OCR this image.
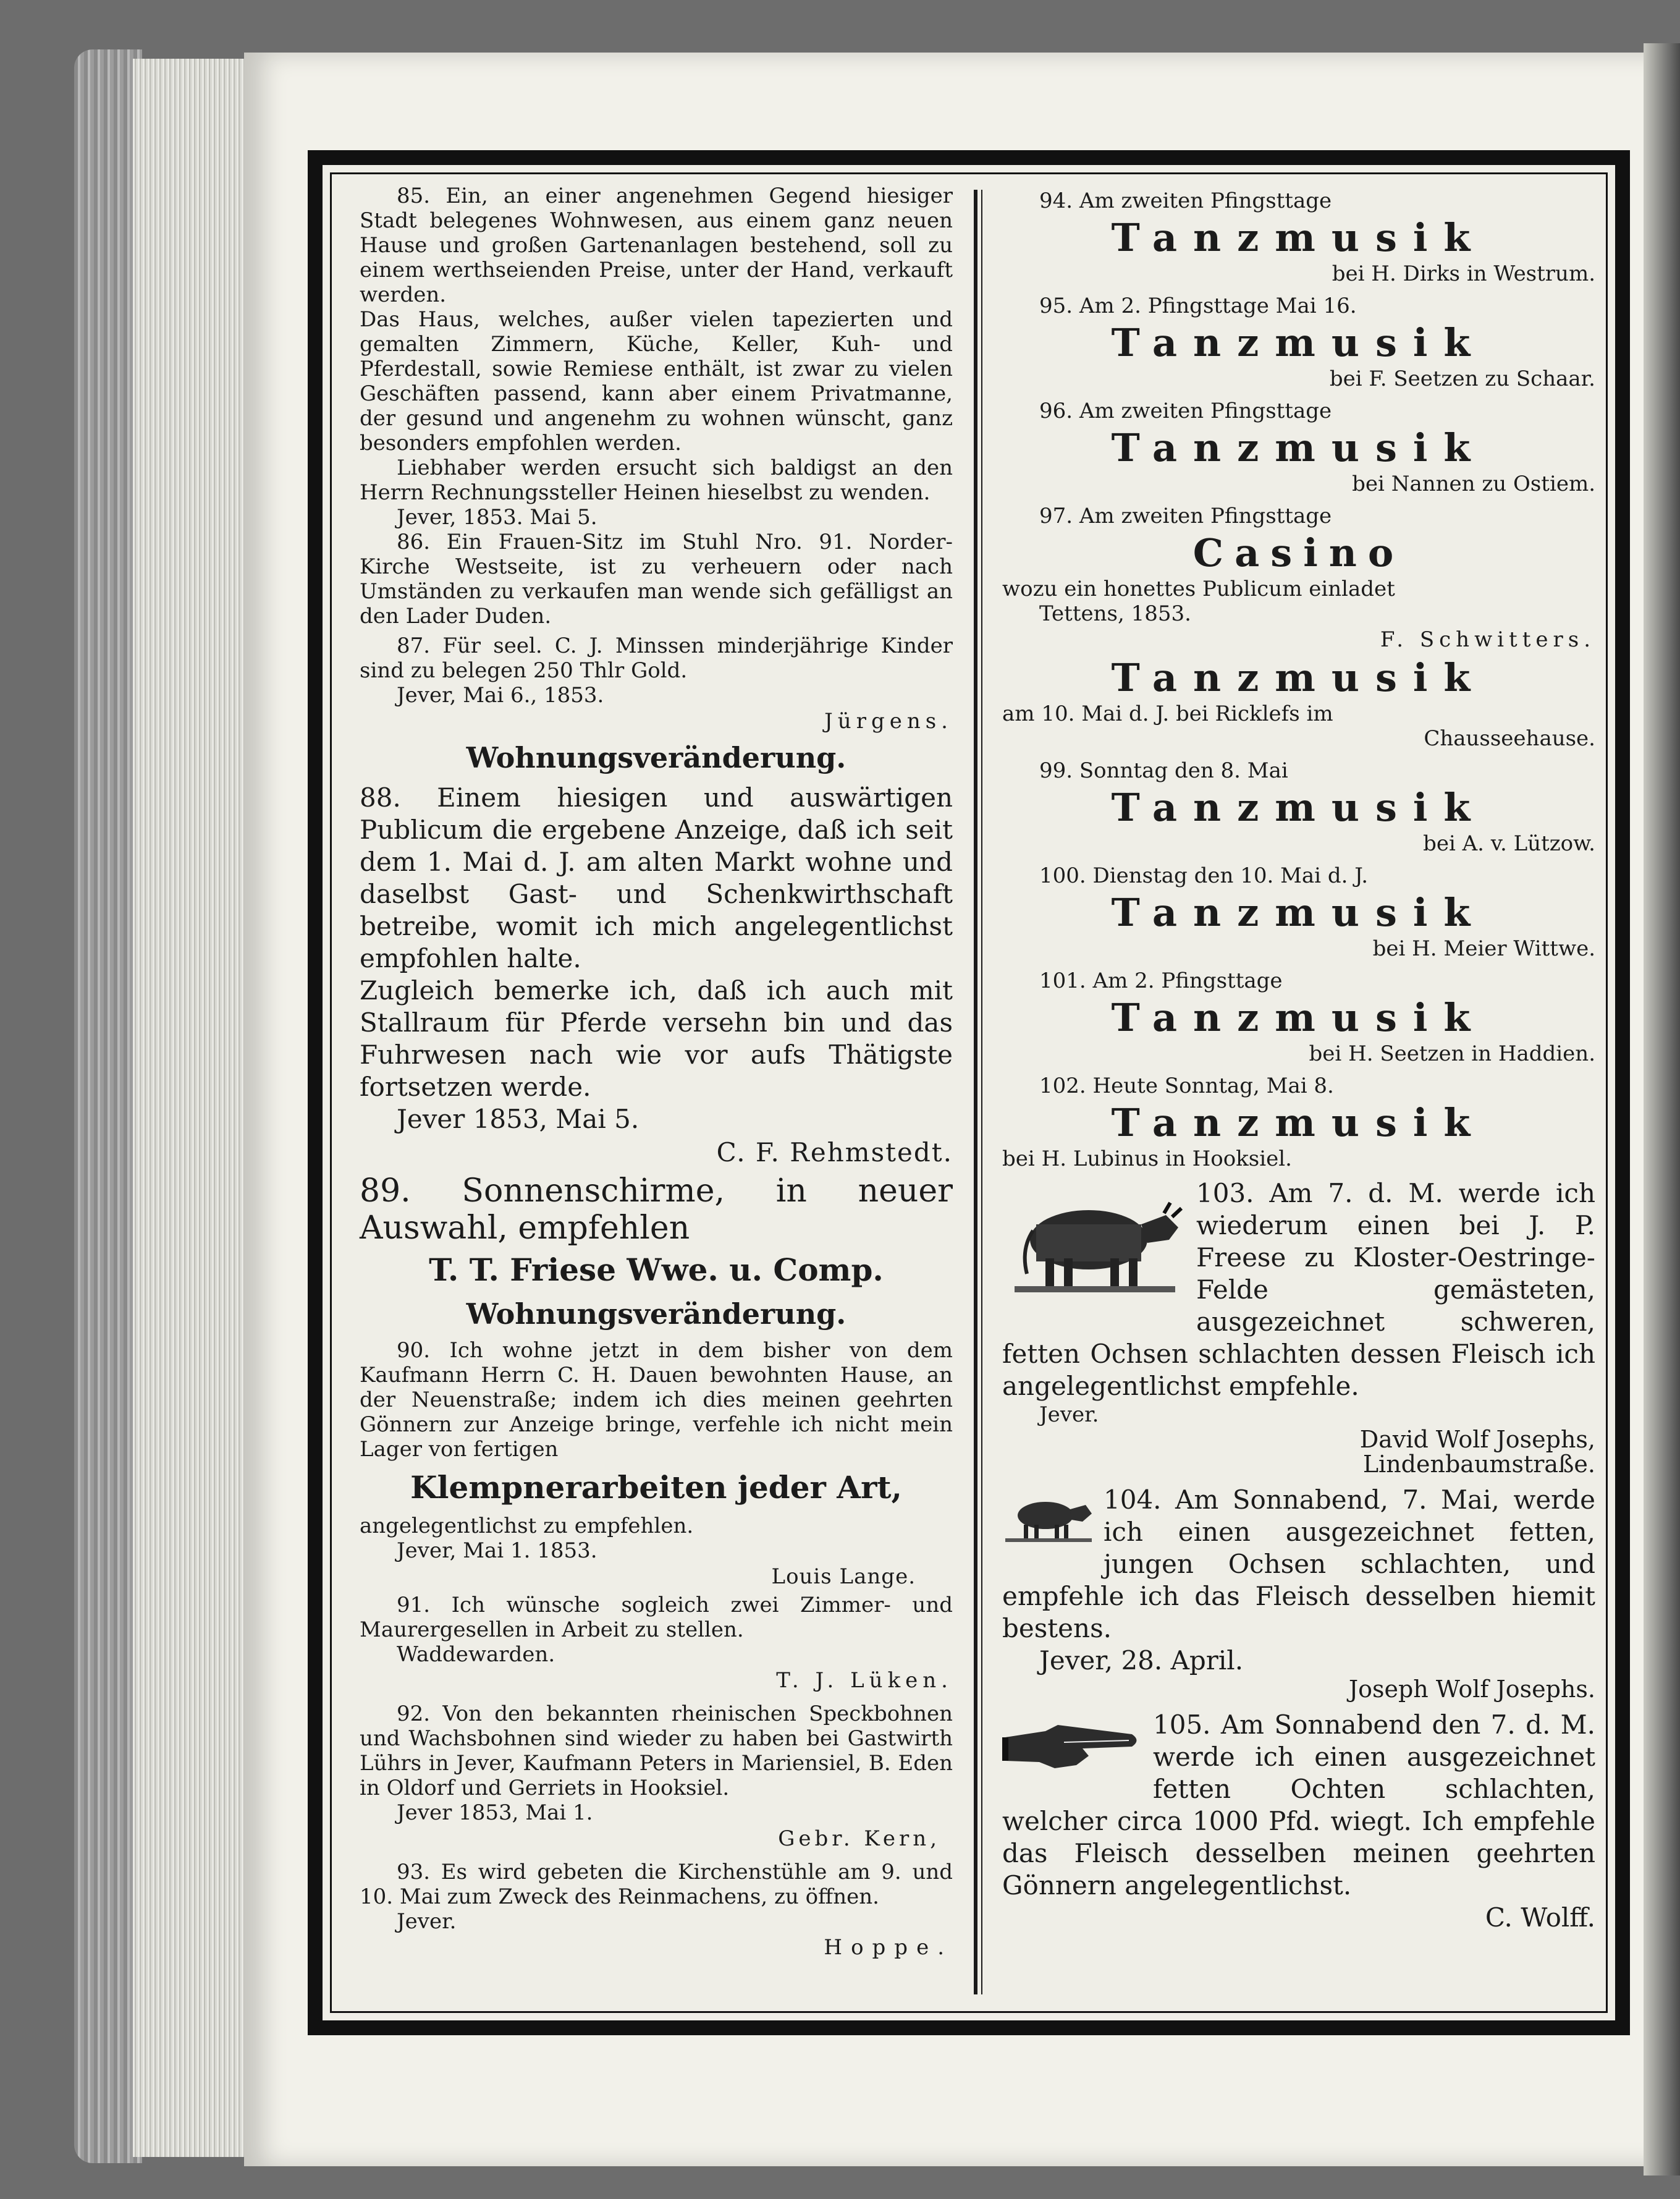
85. Ein, an einer angenehmen Gegend hiesiger Stadt belegenes Wohnwesen, aus einem ganz neuen Hause und großen Gartenanlagen bestehend, soll zu einem werthseienden Preise, unter der Hand, verkauft werden.

Das Haus, welches, außer vielen tapezierten und gemalten Zimmern, Küche, Keller, Kuh- und Pferdestall, sowie Remiese enthält, ist zwar zu vielen Geschäften passend, kann aber einem Privatmanne, der gesund und angenehm zu wohnen wünscht, ganz besonders empfohlen werden.

Liebhaber werden ersucht sich baldigst an den Herrn Rechnungssteller Heinen hieselbst zu wenden.

Jever, 1853. Mai 5.

86. Ein Frauen-Sitz im Stuhl Nro. 91. Norder-Kirche Westseite, ist zu verheuern oder nach Umständen zu verkaufen man wende sich gefälligst an den Lader Duden.

87. Für seel. C. J. Minssen minderjährige Kinder sind zu belegen 250 Thlr Gold.

Jever, Mai 6., 1853.

Jürgens.

Wohnungsveränderung.

88. Einem hiesigen und auswärtigen Publicum die ergebene Anzeige, daß ich seit dem 1. Mai d. J. am alten Markt wohne und daselbst Gast- und Schenkwirthschaft betreibe, womit ich mich angelegentlichst empfohlen halte.

Zugleich bemerke ich, daß ich auch mit Stallraum für Pferde versehn bin und das Fuhrwesen nach wie vor aufs Thätigste fortsetzen werde.

Jever 1853, Mai 5.

C. F. Rehmstedt.

89. Sonnenschirme, in neuer Auswahl, empfehlen

T. T. Friese Wwe. u. Comp.
Wohnungsveränderung.

90. Ich wohne jetzt in dem bisher von dem Kaufmann Herrn C. H. Dauen bewohnten Hause, an der Neuenstraße; indem ich dies meinen geehrten Gönnern zur Anzeige bringe, verfehle ich nicht mein Lager von fertigen

Klempnerarbeiten jeder Art,

angelegentlichst zu empfehlen.

Jever, Mai 1. 1853.

Louis Lange.

91. Ich wünsche sogleich zwei Zimmer- und Maurergesellen in Arbeit zu stellen.

Waddewarden.

T. J. Lüken.

92. Von den bekannten rheinischen Speckbohnen und Wachsbohnen sind wieder zu haben bei Gastwirth Lührs in Jever, Kaufmann Peters in Mariensiel, B. Eden in Oldorf und Gerriets in Hooksiel.

Jever 1853, Mai 1.

Gebr. Kern,

93. Es wird gebeten die Kirchenstühle am 9. und 10. Mai zum Zweck des Reinmachens, zu öffnen.

Jever.

Hoppe.

94. Am zweiten Pfingsttage

Tanzmusik

bei H. Dirks in Westrum.

95. Am 2. Pfingsttage Mai 16.

Tanzmusik

bei F. Seetzen zu Schaar.

96. Am zweiten Pfingsttage

Tanzmusik

bei Nannen zu Ostiem.

97. Am zweiten Pfingsttage

Casino

wozu ein honettes Publicum einladet

Tettens, 1853.

F. Schwitters.

Tanzmusik

am 10. Mai d. J. bei Ricklefs im

Chausseehause.

99. Sonntag den 8. Mai

Tanzmusik

bei A. v. Lützow.

100. Dienstag den 10. Mai d. J.

Tanzmusik

bei H. Meier Wittwe.

101. Am 2. Pfingsttage

Tanzmusik

bei H. Seetzen in Haddien.

102. Heute Sonntag, Mai 8.

Tanzmusik

bei H. Lubinus in Hooksiel.

103. Am 7. d. M. werde ich wiederum einen bei J. P. Freese zu Kloster-Oestringe-Felde gemästeten, ausgezeichnet schweren, fetten Ochsen schlachten dessen Fleisch ich angelegentlichst empfehle.

Jever.

David Wolf Josephs,

Lindenbaumstraße.

104. Am Sonnabend, 7. Mai, werde ich einen ausgezeichnet fetten, jungen Ochsen schlachten, und empfehle ich das Fleisch desselben hiemit bestens.

Jever, 28. April.

Joseph Wolf Josephs.

105. Am Sonnabend den 7. d. M. werde ich einen ausgezeichnet fetten Ochten schlachten, welcher circa 1000 Pfd. wiegt. Ich empfehle das Fleisch desselben meinen geehrten Gönnern angelegentlichst.

C. Wolff.
